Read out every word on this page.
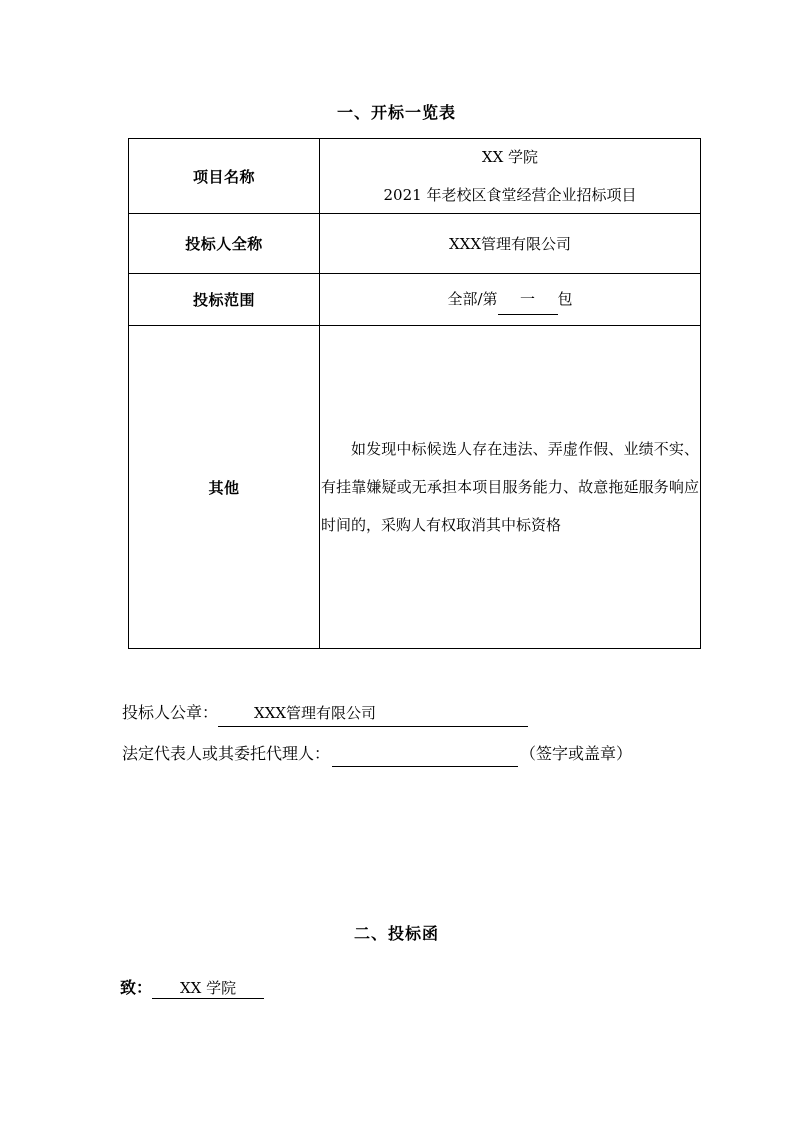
一、开标一览表
项目名称	XX 学院
2021 年老校区食堂经营企业招标项目

投标人全称	XXX管理有限公司

投标范围	全部/第 一 包

其他	如发现中标候选人存在违法、弄虚作假、业绩不实、有挂靠嫌疑或无承担本项目服务能力、故意拖延服务响应时间的，采购人有权取消其中标资格
投标人公章： XXX管理有限公司
法定代表人或其委托代理人：	（签字或盖章）
二、投标函
致： XX 学院
